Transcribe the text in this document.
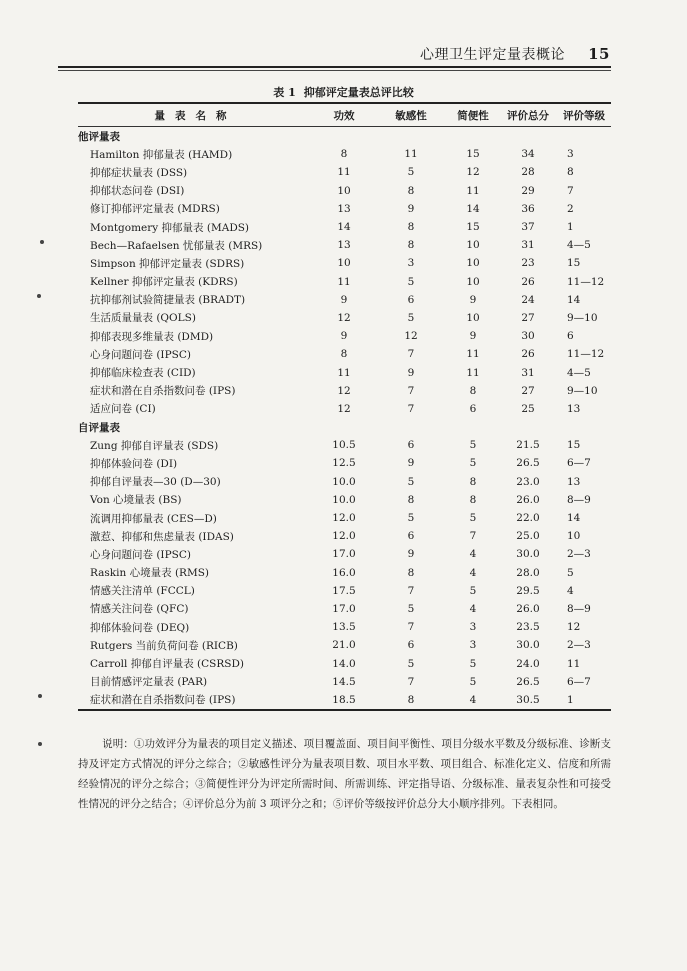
心理卫生评定量表概论 15
表 1 抑郁评定量表总评比较
量表名称	功效	敏感性	简便性	评价总分	评价等级
他评量表
Hamilton 抑郁量表 (HAMD)	8	11	15	34	3
抑郁症状量表 (DSS)	11	5	12	28	8
抑郁状态问卷 (DSI)	10	8	11	29	7
修订抑郁评定量表 (MDRS)	13	9	14	36	2
Montgomery 抑郁量表 (MADS)	14	8	15	37	1
Bech—Rafaelsen 忧郁量表 (MRS)	13	8	10	31	4—5
Simpson 抑郁评定量表 (SDRS)	10	3	10	23	15
Kellner 抑郁评定量表 (KDRS)	11	5	10	26	11—12
抗抑郁剂试验简捷量表 (BRADT)	9	6	9	24	14
生活质量量表 (QOLS)	12	5	10	27	9—10
抑郁表现多维量表 (DMD)	9	12	9	30	6
心身问题问卷 (IPSC)	8	7	11	26	11—12
抑郁临床检查表 (CID)	11	9	11	31	4—5
症状和潜在自杀指数问卷 (IPS)	12	7	8	27	9—10
适应问卷 (CI)	12	7	6	25	13
自评量表
Zung 抑郁自评量表 (SDS)	10.5	6	5	21.5	15
抑郁体验问卷 (DI)	12.5	9	5	26.5	6—7
抑郁自评量表—30 (D—30)	10.0	5	8	23.0	13
Von 心境量表 (BS)	10.0	8	8	26.0	8—9
流调用抑郁量表 (CES—D)	12.0	5	5	22.0	14
激惹、抑郁和焦虑量表 (IDAS)	12.0	6	7	25.0	10
心身问题问卷 (IPSC)	17.0	9	4	30.0	2—3
Raskin 心境量表 (RMS)	16.0	8	4	28.0	5
情感关注清单 (FCCL)	17.5	7	5	29.5	4
情感关注问卷 (QFC)	17.0	5	4	26.0	8—9
抑郁体验问卷 (DEQ)	13.5	7	3	23.5	12
Rutgers 当前负荷问卷 (RICB)	21.0	6	3	30.0	2—3
Carroll 抑郁自评量表 (CSRSD)	14.0	5	5	24.0	11
目前情感评定量表 (PAR)	14.5	7	5	26.5	6—7
症状和潜在自杀指数问卷 (IPS)	18.5	8	4	30.5	1
说明：①功效评分为量表的项目定义描述、项目覆盖面、项目间平衡性、项目分级水平数及分级标准、诊断支持及评定方式情况的评分之综合；②敏感性评分为量表项目数、项目水平数、项目组合、标准化定义、信度和所需经验情况的评分之综合；③简便性评分为评定所需时间、所需训练、评定指导语、分级标准、量表复杂性和可接受性情况的评分之结合；④评价总分为前 3 项评分之和；⑤评价等级按评价总分大小顺序排列。下表相同。
